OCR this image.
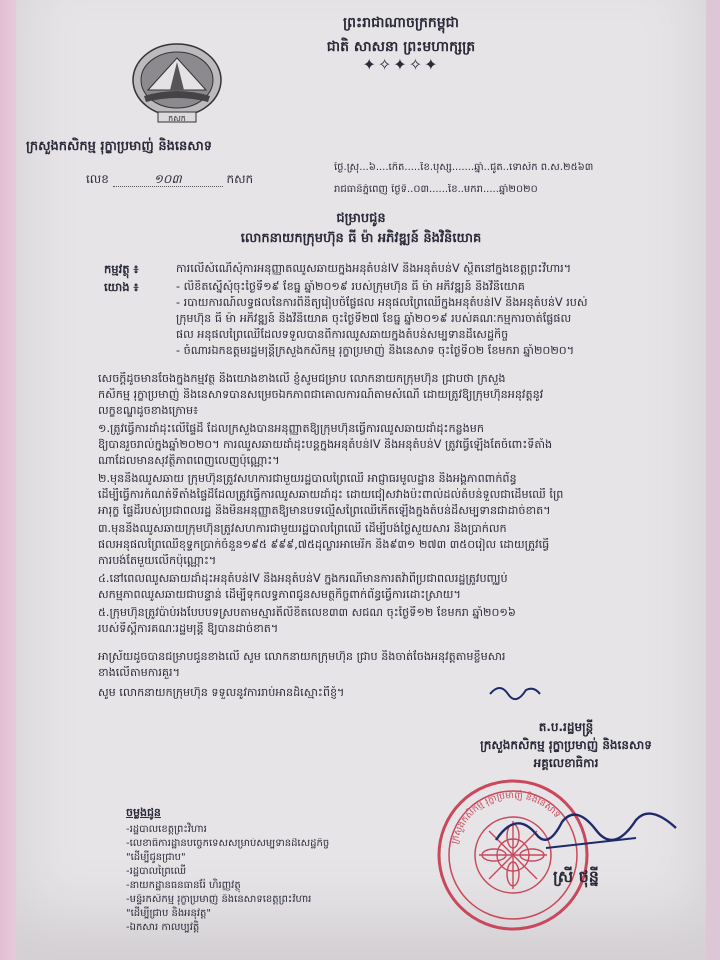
ព្រះរាជាណាចក្រកម្ពុជា
ជាតិ សាសនា ព្រះមហាក្សត្រ
✦✧✦✧✦
កសក
ក្រសួងកសិកម្ម រុក្ខាប្រមាញ់ និងនេសាទ
លេខ	១០៣	កសក
ថ្ងៃ.សុ្រ...៦....កើត.....ខែ.បុស្ស.......ឆ្នាំ..ជូត..ទោស័ក ព.ស.២៥៦៣
រាជធានីភ្នំពេញ ថ្ងៃទី..០៣......ខែ..មករា.....ឆ្នាំ២០២០
ជម្រាបជូន
លោកនាយកក្រុមហ៊ុន ធី ម៉ា អភិវឌ្ឍន៍ និងវិនិយោគ
កម្មវត្ថុ ៖	ការលើសំណើសុំការអនុញ្ញាតឈូសឆាយក្នុងអនុតំបន់IV និងអនុតំបន់V ស្ថិតនៅក្នុងខេត្តព្រះវិហារ។
យោង ៖	- លិខិតស្នើសុំចុះថ្ងៃទី១៩ ខែធ្នូ ឆ្នាំ២០១៩ របស់ក្រុមហ៊ុន ធី ម៉ា អភិវឌ្ឍន៍ និងវិនិយោគ
- របាយការណ៍លទ្ធផលនៃការពិនិត្យរៀបចំផ្លែផល អនុផលព្រៃឈើក្នុងអនុតំបន់IV និងអនុតំបន់V របស់
ក្រុមហ៊ុន ធី ម៉ា អភិវឌ្ឍន៍ និងវិនិយោគ ចុះថ្ងៃទី២៧ ខែធ្នូ ឆ្នាំ២០១៩ របស់គណៈកម្មការចាត់ផ្លែផល
ផល អនុផលព្រៃឈើដែលទទួលបានពីការឈូសឆាយក្នុងតំបន់សម្បទានដីសេដ្ឋកិច្ច
- ចំណារឯកឧត្តមរដ្ឋមន្ត្រីក្រសួងកសិកម្ម រុក្ខាប្រមាញ់ និងនេសាទ ចុះថ្ងៃទី០២ ខែមករា ឆ្នាំ២០២០។
សេចក្តីដូចមានចែងក្នុងកម្មវត្ថុ និងយោងខាងលើ ខ្ញុំសូមជម្រាប លោកនាយកក្រុមហ៊ុន ជ្រាបថា ក្រសួង
កសិកម្ម រុក្ខាប្រមាញ់ និងនេសាទបានសម្រេចឯកភាពជាគោលការណ៍តាមសំណើ ដោយត្រូវឱ្យក្រុមហ៊ុនអនុវត្តនូវ
លក្ខខណ្ឌដូចខាងក្រោម៖
១.ត្រូវធ្វើការដាំដុះលើផ្ទៃដី ដែលក្រសួងបានអនុញ្ញាតឱ្យក្រុមហ៊ុនធ្វើការឈូសឆាយដាំដុះកន្លងមក
ឱ្យបានរួចរាល់ក្នុងឆ្នាំ២០២០។ ការឈូសឆាយដាំដុះបន្តក្នុងអនុតំបន់IV និងអនុតំបន់V ត្រូវធ្វើឡើងតែចំពោះទីតាំង
ណាដែលមានសុវត្ថិភាពពេញលេញប៉ុណ្ណោះ។
២.មុននឹងឈូសឆាយ ក្រុមហ៊ុនត្រូវសហការជាមួយរដ្ឋបាលព្រៃឈើ អាជ្ញាធរមូលដ្ឋាន និងអង្គភាពពាក់ព័ន្ធ
ដើម្បីធ្វើការកំណត់ទីតាំងផ្ទៃដីដែលត្រូវធ្វើការឈូសឆាយដាំដុះ ដោយជៀសវាងប៉ះពាល់ដល់តំបន់ទួលជាដើមឈើ ព្រៃ
អារុក្ខ ផ្ទៃដីរបស់ប្រជាពលរដ្ឋ និងមិនអនុញ្ញាតឱ្យមានបទល្មើសព្រៃឈើកើតឡើងក្នុងតំបន់ដីសម្បទានជាដាច់ខាត។
៣.មុននឹងឈូសឆាយក្រុមហ៊ុនត្រូវសហការជាមួយរដ្ឋបាលព្រៃឈើ ដើម្បីបង់ថ្លៃសួយសារ និងប្រាក់លក
ផលអនុផលព្រៃឈើខុទ្ទកប្រាក់ចំនួន១៩៥ ៩៩៩,៧៥ដុល្លារអាមេរិក និង៩៣១ ២៧៣ ៣៥០រៀល ដោយត្រូវធ្វើ
ការបង់តែមួយលើកប៉ុណ្ណោះ។
៤.នៅពេលឈូសឆាយដាំដុះអនុតំបន់IV និងអនុតំបន់V ក្នុងករណីមានការតវ៉ាពីប្រជាពលរដ្ឋត្រូវបញ្ឈប់
សកម្មភាពឈូសឆាយជាបន្ទាន់ ដើម្បីទុកលទ្ធភាពជូនសមត្ថកិច្ចពាក់ព័ន្ធធ្វើការដោះស្រាយ។
៥.ក្រុមហ៊ុនត្រូវប៉ាប់រងបែបបទស្របតាមស្មារតីលិខិតលេខ៣៣ សជណ ចុះថ្ងៃទី១២ ខែមករា ឆ្នាំ២០១៦
របស់ទីស្តីការគណៈរដ្ឋមន្ត្រី ឱ្យបានដាច់ខាត។
អាស្រ័យដូចបានជម្រាបជូនខាងលើ សូម លោកនាយកក្រុមហ៊ុន ជ្រាប និងចាត់ចែងអនុវត្តតាមខ្លឹមសារ
ខាងលើតាមការគួរ។
សូម លោកនាយកក្រុមហ៊ុន ទទួលនូវការរាប់អានដ៏ស្មោះពីខ្ញុំ។
ត.ប.រដ្ឋមន្ត្រី
ក្រសួងកសិកម្ម រុក្ខាប្រមាញ់ និងនេសាទ
អគ្គលេខាធិការ
ក្រសួងកសិកម្ម រុក្ខាប្រមាញ់ និងនេសាទ
ស្រី ថុន្នី
ចម្លងជូន
-រដ្ឋបាលខេត្តព្រះវិហារ
-លេខាធិការដ្ឋានបច្ចេកទេសសម្រាប់សម្បទានដីសេដ្ឋកិច្ច
"ដើម្បីជូនជ្រាប"
-រដ្ឋបាលព្រៃឈើ
-នាយកដ្ឋានធនធានរ៉ែ ហិរញ្ញវត្ថុ
-មន្ទីរកសិកម្ម រុក្ខាប្រមាញ់ និងនេសាទខេត្តព្រះវិហារ
"ដើម្បីជ្រាប និងអនុវត្ត"
-ឯកសារ កាលប្បវត្តិ
